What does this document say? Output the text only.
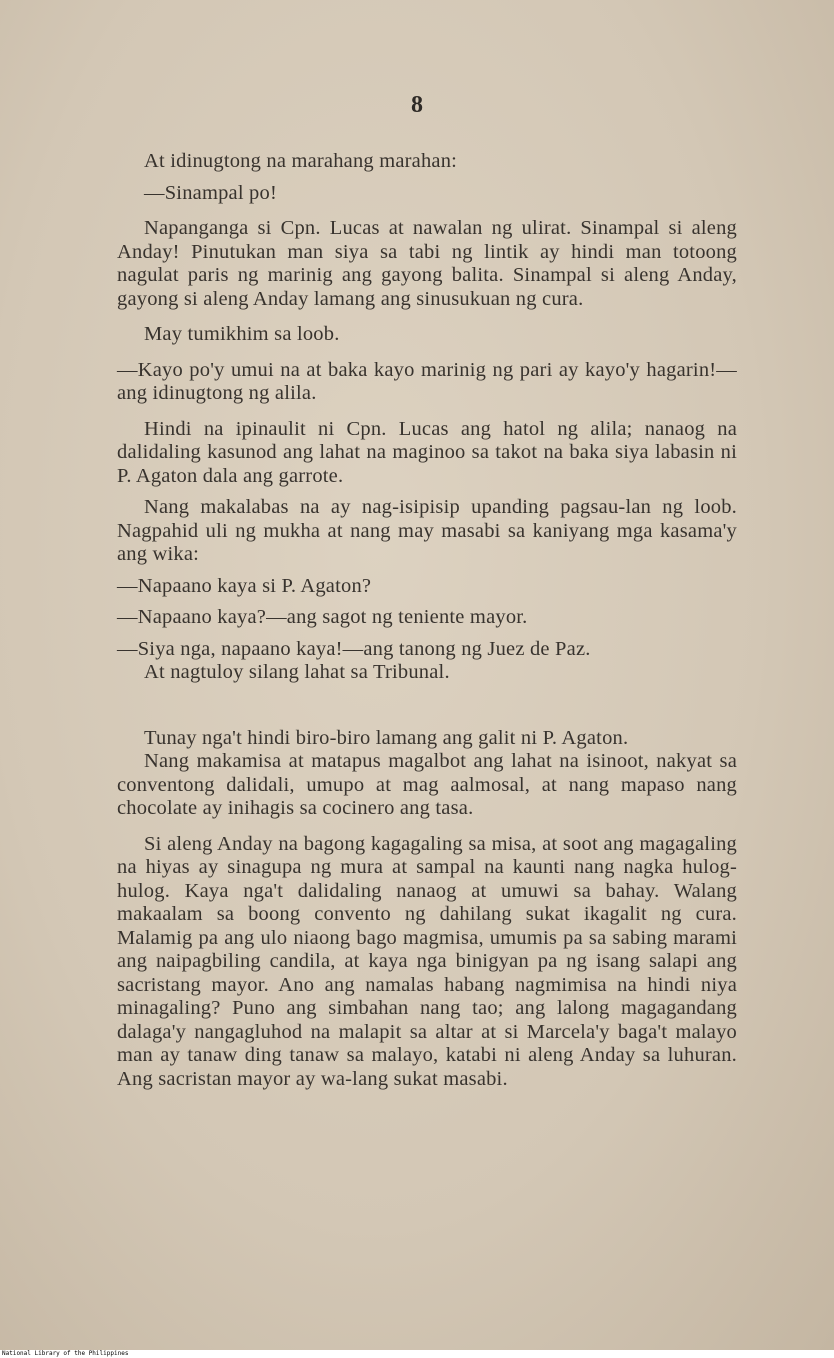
8

At idinugtong na marahang marahan:

—Sinampal po!

Napanganga si Cpn. Lucas at nawalan ng ulirat. Sinampal si aleng Anday! Pinutukan man siya sa tabi ng lintik ay hindi man totoong nagulat paris ng marinig ang gayong balita. Sinampal si aleng Anday, gayong si aleng Anday lamang ang sinusukuan ng cura.

May tumikhim sa loob.

—Kayo po'y umui na at baka kayo marinig ng pari ay kayo'y hagarin!—ang idinugtong ng alila.

Hindi na ipinaulit ni Cpn. Lucas ang hatol ng alila; nanaog na dalidaling kasunod ang lahat na maginoo sa takot na baka siya labasin ni P. Agaton dala ang garrote.

Nang makalabas na ay nag-isipisip upanding pagsau-lan ng loob. Nagpahid uli ng mukha at nang may masabi sa kaniyang mga kasama'y ang wika:

—Napaano kaya si P. Agaton?

—Napaano kaya?—ang sagot ng teniente mayor.

—Siya nga, napaano kaya!—ang tanong ng Juez de Paz.

At nagtuloy silang lahat sa Tribunal.

Tunay nga't hindi biro-biro lamang ang galit ni P. Agaton.

Nang makamisa at matapus magalbot ang lahat na isinoot, nakyat sa conventong dalidali, umupo at mag aalmosal, at nang mapaso nang chocolate ay inihagis sa cocinero ang tasa.

Si aleng Anday na bagong kagagaling sa misa, at soot ang magagaling na hiyas ay sinagupa ng mura at sampal na kaunti nang nagka hulog-hulog. Kaya nga't dalidaling nanaog at umuwi sa bahay. Walang makaalam sa boong convento ng dahilang sukat ikagalit ng cura. Malamig pa ang ulo niaong bago magmisa, umumis pa sa sabing marami ang naipagbiling candila, at kaya nga binigyan pa ng isang salapi ang sacristang mayor. Ano ang namalas habang nagmimisa na hindi niya minagaling? Puno ang simbahan nang tao; ang lalong magagandang dalaga'y nangagluhod na malapit sa altar at si Marcela'y baga't malayo man ay tanaw ding tanaw sa malayo, katabi ni aleng Anday sa luhuran. Ang sacristan mayor ay wa-lang sukat masabi.

National Library of the Philippines
